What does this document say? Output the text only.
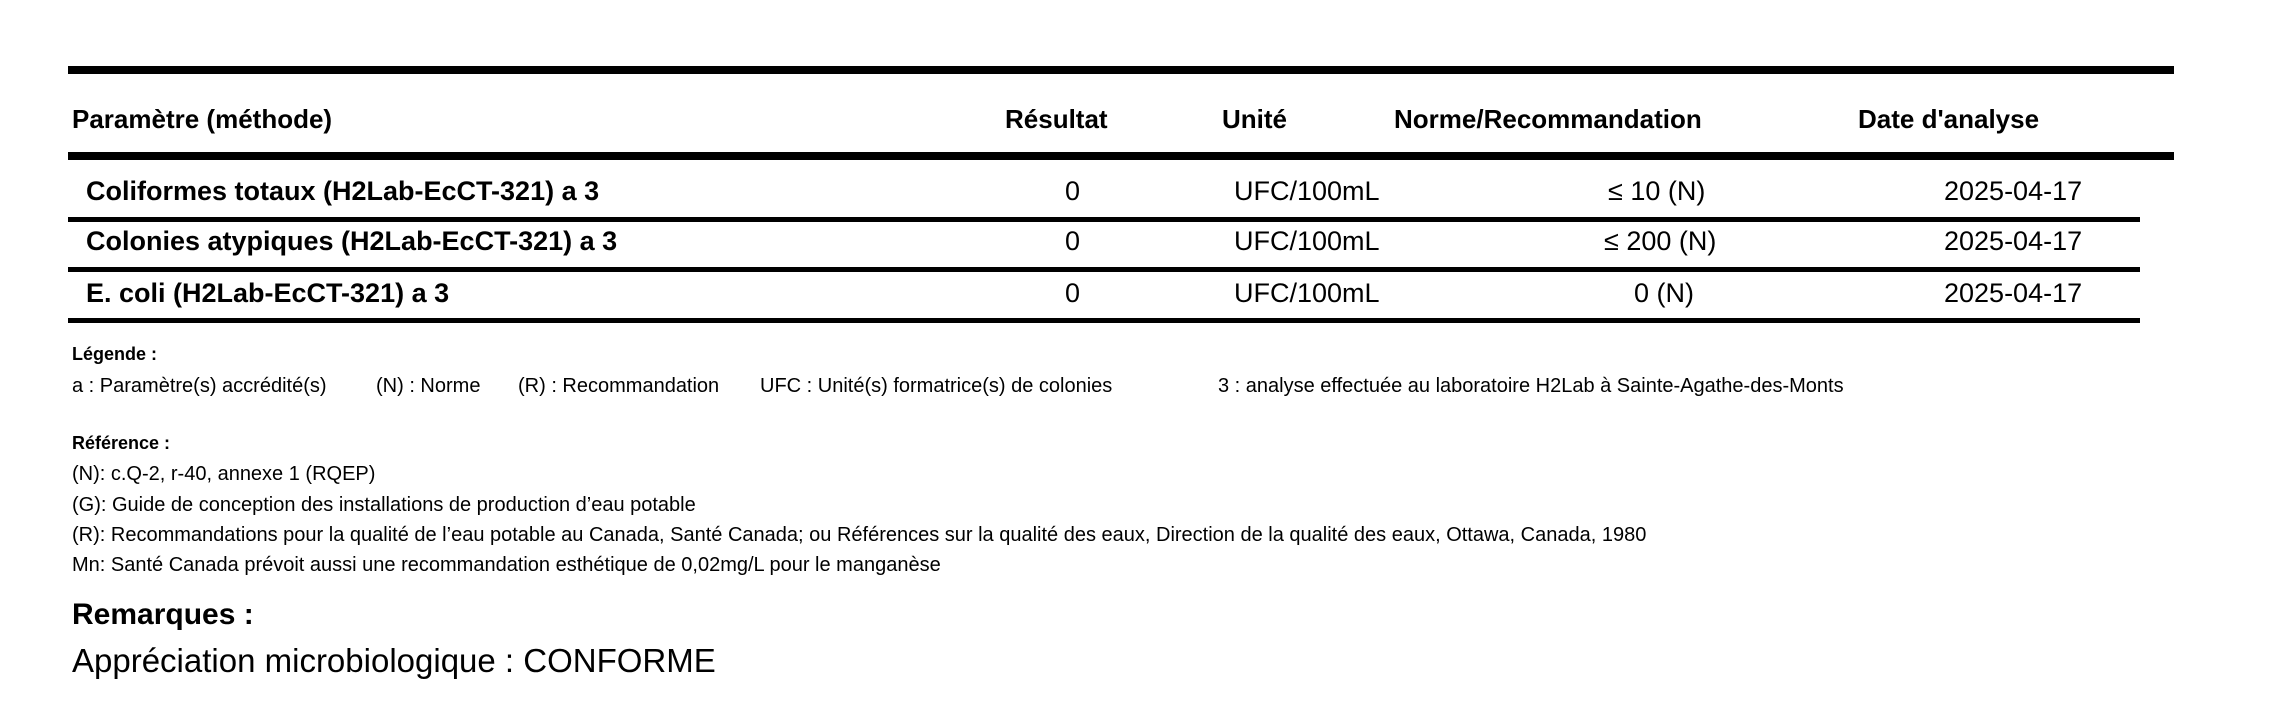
Paramètre (méthode)	Résultat	Unité	Norme/Recommandation	Date d'analyse
Coliformes totaux (H2Lab-EcCT-321) a 3	0	UFC/100mL	≤ 10 (N)	2025-04-17
Colonies atypiques (H2Lab-EcCT-321) a 3	0	UFC/100mL	≤ 200 (N)	2025-04-17
E. coli (H2Lab-EcCT-321) a 3	0	UFC/100mL	0 (N)	2025-04-17
Légende :
a : Paramètre(s) accrédité(s) (N) : Norme (R) : Recommandation UFC : Unité(s) formatrice(s) de colonies	3 : analyse effectuée au laboratoire H2Lab à Sainte-Agathe-des-Monts
Référence :
(N): c.Q-2, r-40, annexe 1 (RQEP)
(G): Guide de conception des installations de production d’eau potable
(R): Recommandations pour la qualité de l’eau potable au Canada, Santé Canada; ou Références sur la qualité des eaux, Direction de la qualité des eaux, Ottawa, Canada, 1980
Mn: Santé Canada prévoit aussi une recommandation esthétique de 0,02mg/L pour le manganèse
Remarques :
Appréciation microbiologique : CONFORME
